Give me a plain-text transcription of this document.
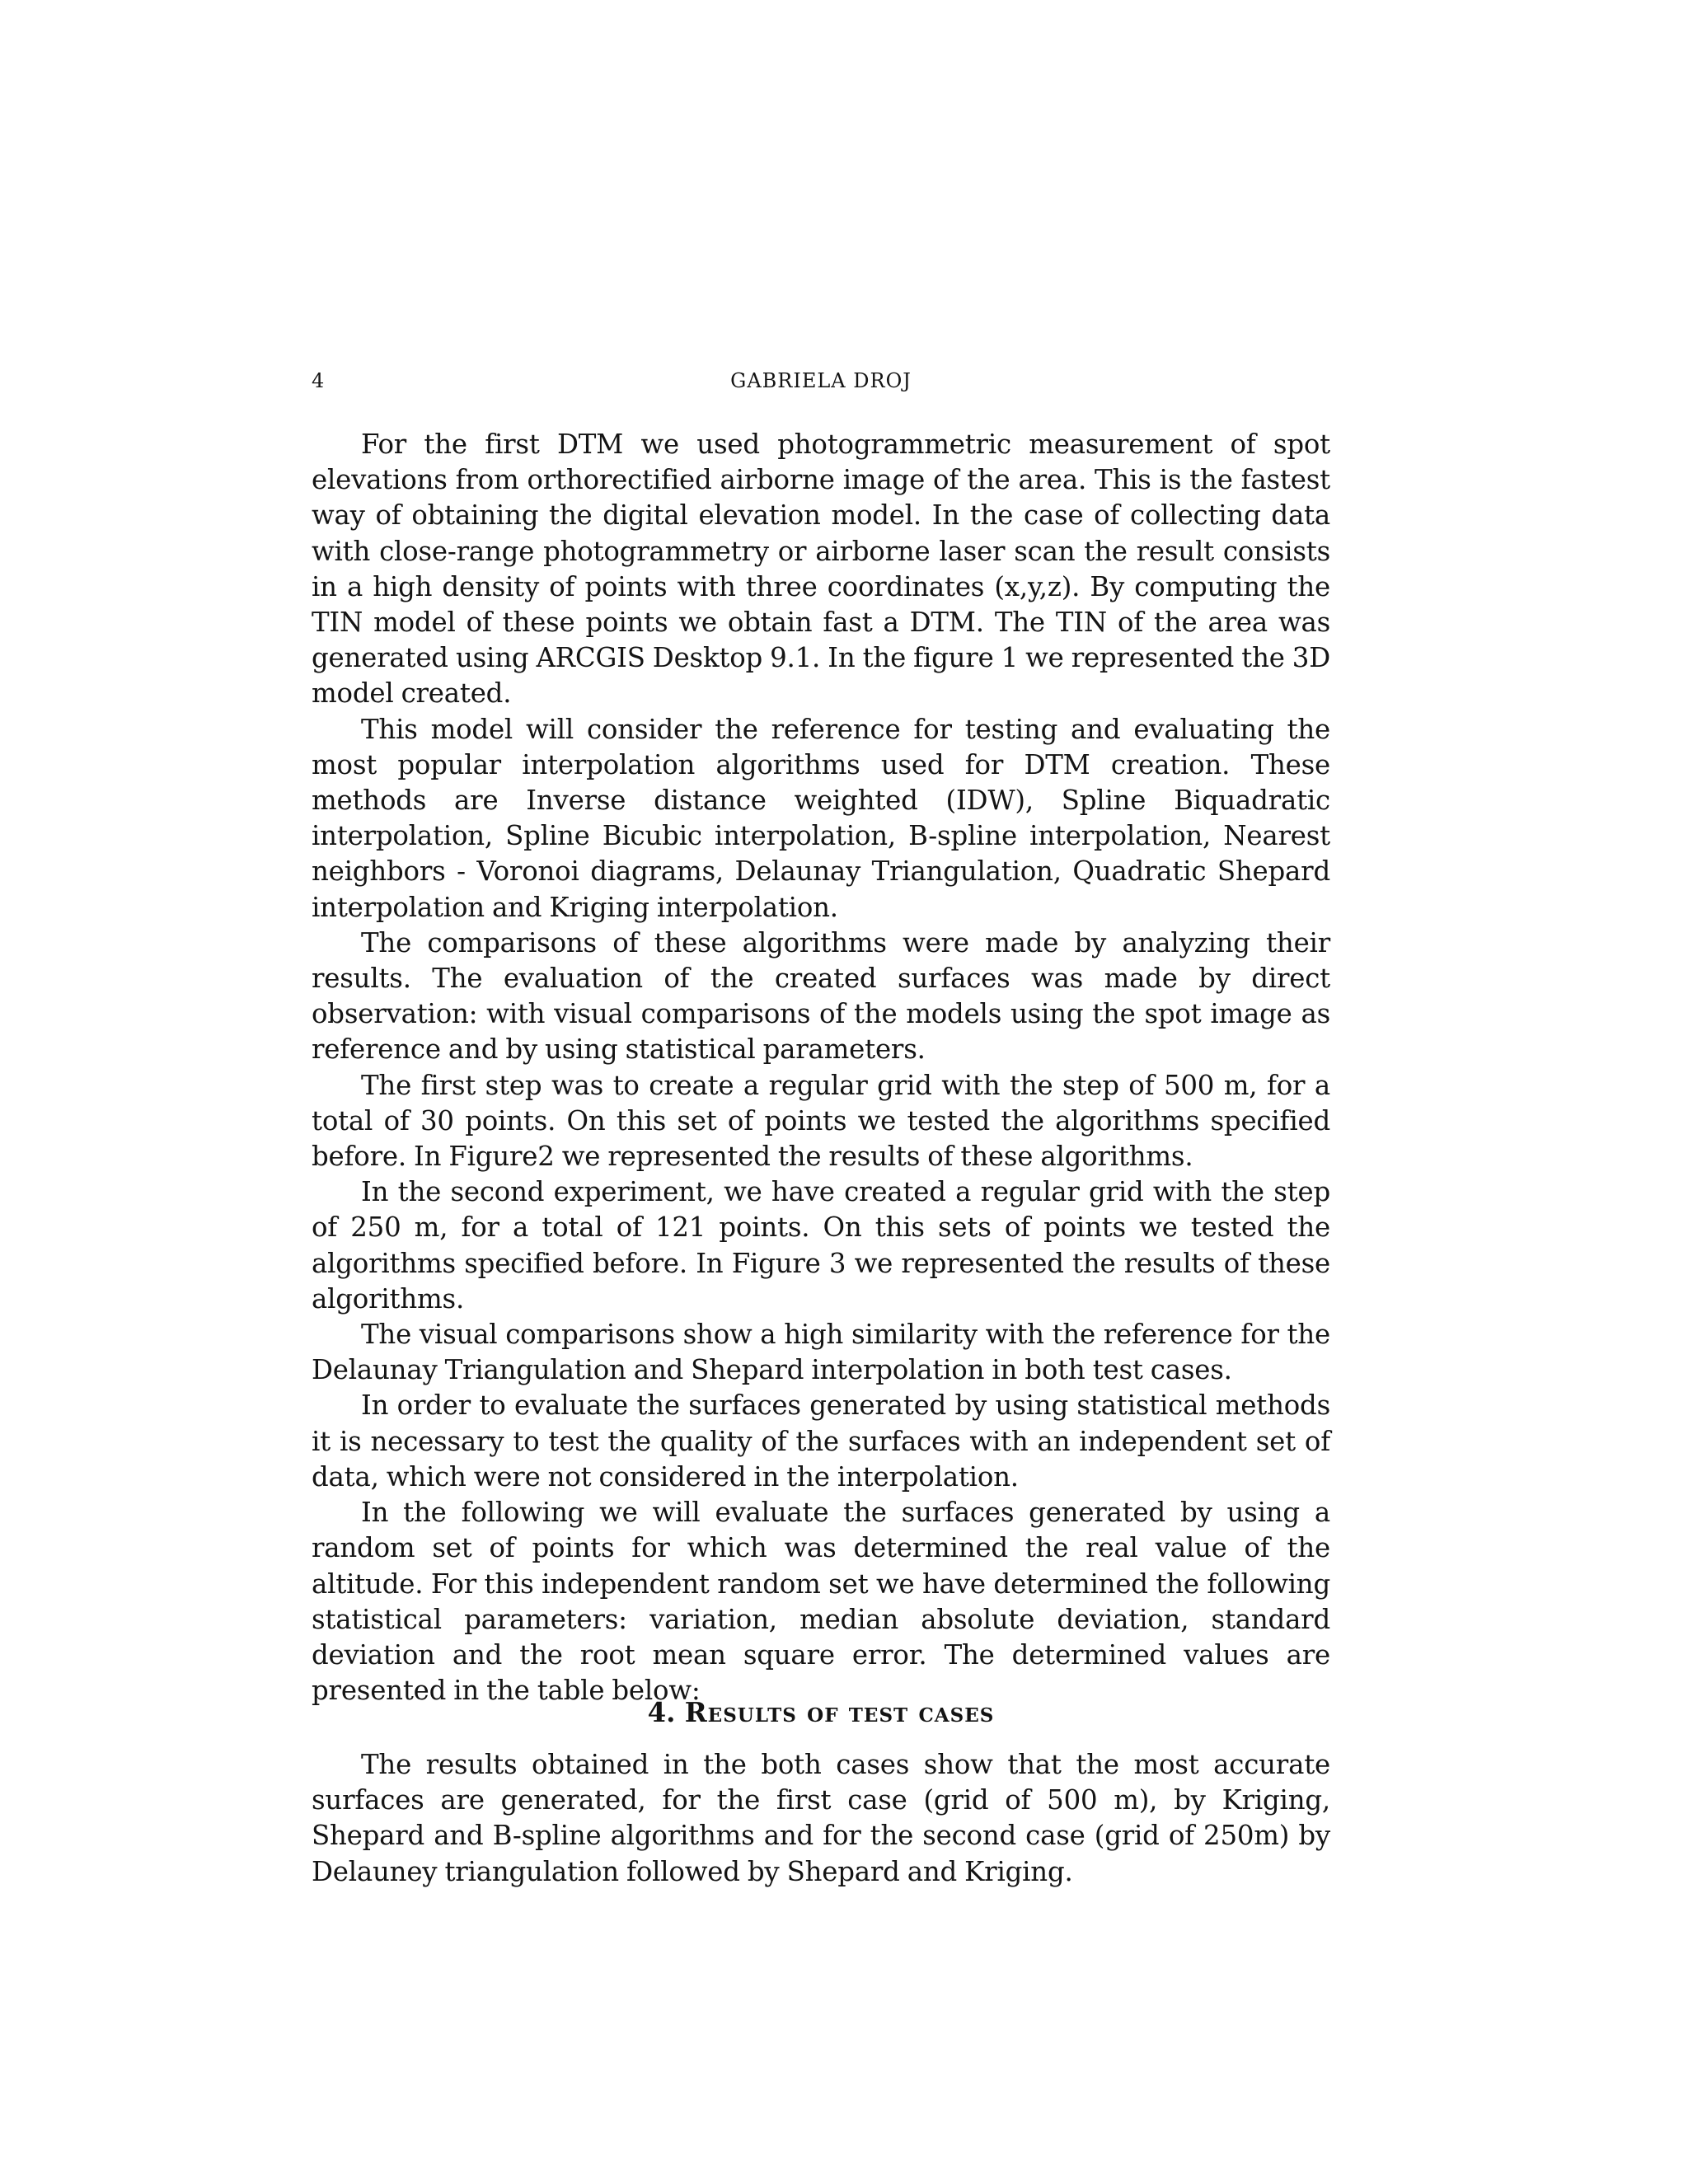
4	GABRIELA DROJ

For the first DTM we used photogrammetric measurement of spot elevations from orthorectified airborne image of the area. This is the fastest way of obtaining the digital elevation model. In the case of collecting data with close-range photogrammetry or airborne laser scan the result consists in a high density of points with three coordinates (x,y,z). By computing the TIN model of these points we obtain fast a DTM. The TIN of the area was generated using ARCGIS Desktop 9.1. In the figure 1 we represented the 3D model created.

This model will consider the reference for testing and evaluating the most popular interpolation algorithms used for DTM creation. These methods are Inverse distance weighted (IDW), Spline Biquadratic interpolation, Spline Bicubic interpolation, B-spline interpolation, Nearest neighbors - Voronoi diagrams, Delaunay Triangulation, Quadratic Shepard interpolation and Kriging interpolation.

The comparisons of these algorithms were made by analyzing their results. The evaluation of the created surfaces was made by direct observation: with visual comparisons of the models using the spot image as reference and by using statistical parameters.

The first step was to create a regular grid with the step of 500 m, for a total of 30 points. On this set of points we tested the algorithms specified before. In Figure2 we represented the results of these algorithms.

In the second experiment, we have created a regular grid with the step of 250 m, for a total of 121 points. On this sets of points we tested the algorithms specified before. In Figure 3 we represented the results of these algorithms.

The visual comparisons show a high similarity with the reference for the Delaunay Triangulation and Shepard interpolation in both test cases.

In order to evaluate the surfaces generated by using statistical methods it is necessary to test the quality of the surfaces with an independent set of data, which were not considered in the interpolation.

In the following we will evaluate the surfaces generated by using a random set of points for which was determined the real value of the altitude. For this independent random set we have determined the following statistical parameters: variation, median absolute deviation, standard deviation and the root mean square error. The determined values are presented in the table below:

4. Results of test cases

The results obtained in the both cases show that the most accurate surfaces are generated, for the first case (grid of 500 m), by Kriging, Shepard and B-spline algorithms and for the second case (grid of 250m) by Delauney triangulation followed by Shepard and Kriging.
